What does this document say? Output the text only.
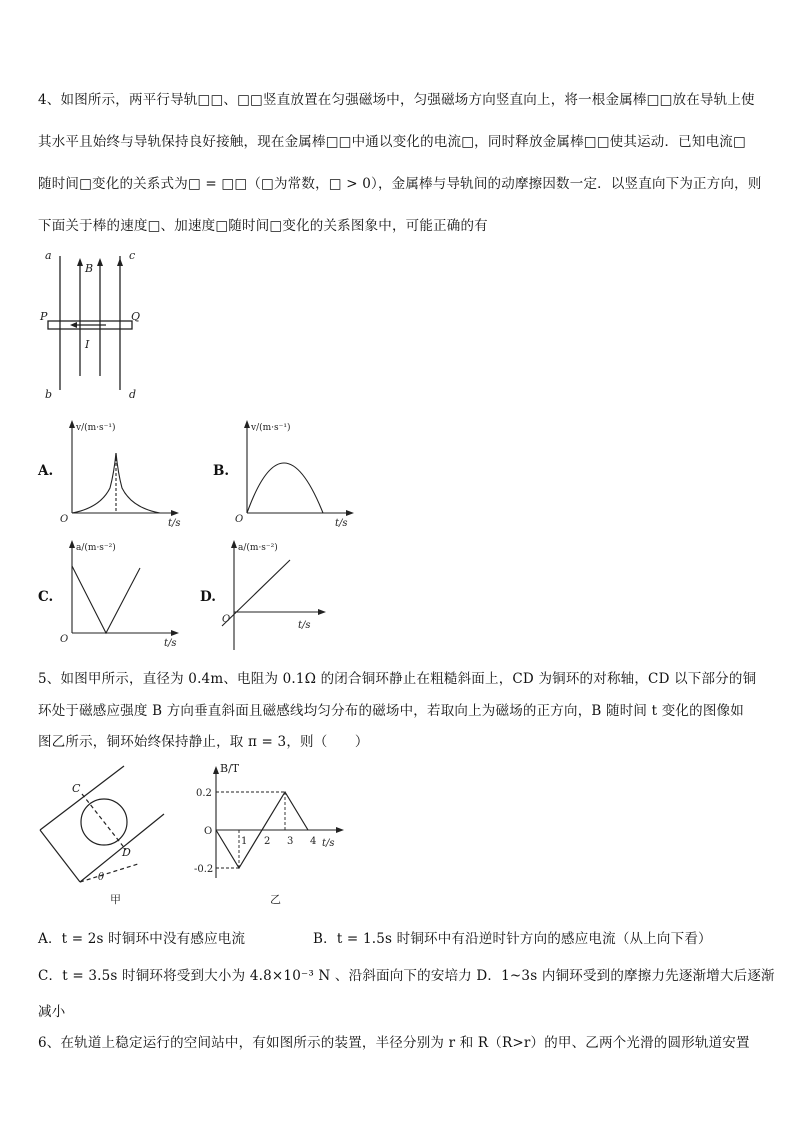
4、如图所示，两平行导轨□□、□□竖直放置在匀强磁场中，匀强磁场方向竖直向上，将一根金属棒□□放在导轨上使
其水平且始终与导轨保持良好接触，现在金属棒□□中通以变化的电流□，同时释放金属棒□□使其运动．已知电流□
随时间□变化的关系式为□ = □□（□为常数，□ > 0），金属棒与导轨间的动摩擦因数一定．以竖直向下为正方向，则
下面关于棒的速度□、加速度□随时间□变化的关系图象中，可能正确的有
a	c
B
P	Q
I
b	d
A.
v/(m·s⁻¹)
O	t/s
B.
v/(m·s⁻¹)
O	t/s
C.
a/(m·s⁻²)
O	t/s
D.
a/(m·s⁻²)
O
t/s
5、如图甲所示，直径为 0.4m、电阻为 0.1Ω 的闭合铜环静止在粗糙斜面上，CD 为铜环的对称轴，CD 以下部分的铜
环处于磁感应强度 B 方向垂直斜面且磁感线均匀分布的磁场中，若取向上为磁场的正方向，B 随时间 t 变化的图像如
图乙所示，铜环始终保持静止，取 π = 3，则（　　）
C
D
θ
甲
B/T
t/s
O
0.2
-0.2
1 2 3 4
乙
A．t = 2s 时铜环中没有感应电流	B．t = 1.5s 时铜环中有沿逆时针方向的感应电流（从上向下看）
C．t = 3.5s 时铜环将受到大小为 4.8×10⁻³ N 、沿斜面向下的安培力 D．1~3s 内铜环受到的摩擦力先逐渐增大后逐渐
减小
6、在轨道上稳定运行的空间站中，有如图所示的装置，半径分别为 r 和 R（R>r）的甲、乙两个光滑的圆形轨道安置
